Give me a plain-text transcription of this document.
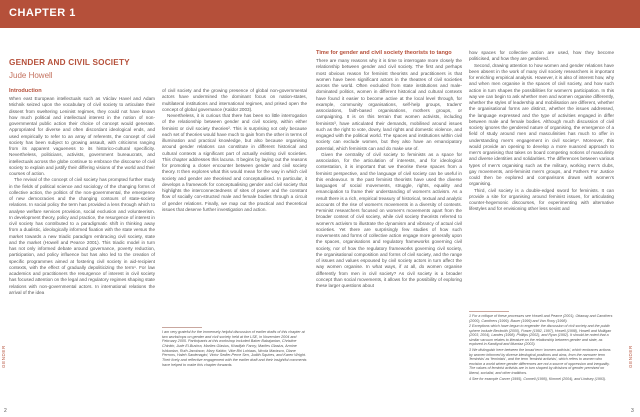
CHAPTER 1
GENDER AND CIVIL SOCIETY
Jude Howell
Introduction

When east European intellectuals such as Václav Havel and Adam Michnik seized upon the vocabulary of civil society to articulate their dissent from sweltering Leninist regimes, they could not have known how much political and intellectual interest in the notion of non-governmental public action their choice of concept would generate. Appropriated for diverse and often discordant ideological ends, and used empirically to refer to an array of referents, the concept of civil society has been subject to growing assault, with criticisms ranging from its apparent vagueness to its historico-cultural specificity. Nevertheless, politicians, activists, government bureaucrats, and intellectuals across the globe continue to embrace the discourse of civil society to explain and justify their differing visions of the world and their courses of action.

The revival of the concept of civil society has prompted further study in the fields of political science and sociology of the changing forms of collective action, the politics of the non-governmental, the emergence of new democracies and the changing contours of state-society relations. In social policy the term has provided a lens through which to analyse welfare services provision, social exclusion and volunteerism. In development theory, policy and practice, the resurgence of interest in civil society has contributed to a paradigmatic shift in thinking away from a dualistic, ideologically informed fixation with the state versus the market towards a new triadic paradigm embracing civil society, state and the market (Howell and Pearce 2001). This triadic model in turn has not only informed debate around governance, poverty reduction, participation, and policy influence but has also led to the creation of specific programmes aimed at fostering civil society in aid-recipient contexts, with the effect of gradually depoliticizing the term¹. For law academics and practitioners the resurgence of interest in civil society has focused attention on the legal and regulatory regimes shaping state relations with non-governmental actors. In international relations the arrival of the idea

of civil society and the growing presence of global non-governmental actors have undermined the dominant focus on nation-states, multilateral institutions and international regimes, and prised open the concept of global governance (Kaldor 2003).

Nevertheless, it is curious that there has been so little interrogation of the relationship between gender and civil society, within either feminist or civil society theories². This is surprising not only because each set of theories would have much to gain from the other in terms of illumination and practical knowledge, but also because organising around gender relations can constitute in different historical and cultural contexts a significant part of actually existing civil societies. This chapter addresses this lacuna. It begins by laying out the reasons for promoting a closer encounter between gender and civil society theory. It then explores what this would mean for the way in which civil society and gender are theorised and conceptualised. In particular, it develops a framework for conceptualising gender and civil society that highlights the interconnectedness of sites of power and the constant flow of socially con-structed male and female bodies through a circuit of gender relations. Finally, we map out the practical and theoretical issues that deserve further investigation and action.

I am very grateful for the immensely helpful discussion of earlier drafts of this chapter at two workshops on gender and civil society held at the LSE, in November 2004 and February 2005. Participants at this workshop included Baker Babajanian, Christine Chinkin, Jude El-Bushra, Marlies Glasius, Khadijah Fancy, Marlies Glasius, Armine Ishkanian, Ruth Jacobson, Mary Kaldor, Vibe Bhi Lohiaas, Nicola Mariasco, Diane Perrons, Haleh Sardenagini, Victor Sedler-Perce Sen, Judith Squires, and Karen Wright. Their lively and reflective engagement with the earlier draft and their insightful comments have helped to make this chapter forwards.
Time for gender and civil society theorists to tango

There are many reasons why it is time to interrogate more closely the relationship between gender and civil society. The first and perhaps most obvious reason for feminist theorists and practitioners is that women have been significant actors in the theatres of civil societies across the world. Often excluded from state institutions and male-dominated politics, women in different historical and cultural contexts have found it easier to become active at the local level through, for example, community organisations, self-help groups, traders' associations, faith-based organisations, mothers groups, or campaigning. It is on this terrain that women activists, including feminists³, have articulated their demands, mobilised around issues such as the right to vote, dowry, land rights and domestic violence, and engaged with the political world. The spaces and institutions within civil society can exclude women, but they also have an emancipatory potential, which feminists can and do make use of.

Given the centrality of civil society to feminists as a space for association, for the articulation of interests, and for ideological contestation, it is important that we theorise these spaces from a feminist perspective, and the language of civil society can be useful in this endeavour. In the past feminist theorists have used the diverse languages of social movements, struggle, rights, equality and emancipation to frame their understanding of women's activism. As a result there is a rich, empirical treasury of historical, textual and analytic accounts of the rise of women's movements in a diversity of contexts. Feminist researchers focused on women's movements apart from the broader context of civil society, while civil society theorists referred to women's activism to illustrate the dynamism and vibrancy of actual civil societies. Yet there are surprisingly few studies of how such movements and forms of collective action engage more generally upon the spaces, organisations and regulatory frameworks governing civil society, nor of how the regulatory frameworks governing civil society, the organisational composition and forms of civil society, and the range of issues and values espoused by civil society actors in turn affect the way women organise. In what ways, if at all, do women organise differently from men in civil society? As civil society is a broader concept than social movements, it allows for the possibility of exploring these larger questions about

how spaces for collective action are used, how they become politicised, and how they are gendered.

Second, drawing attention to how women and gender relations have been absent in the work of many civil society researchers is important for enriching empirical analysis. However, it is also of interest how, why and when men organise in the spaces of civil society, and how such action in turn shapes the possibilities for women's participation. In this way we can begin to ask whether men and women organise differently, whether the styles of leadership and mobilisation are different, whether the organisational forms are distinct, whether the issues addressed, the language expressed and the type of activities engaged in differ between male and female bodies. Although much discussion of civil society ignores the gendered nature of organising, the emergence of a field of study around men and masculinities has much to offer in understanding men's engagement in civil society⁴. Moreover, this would provide an opening to develop a more nuanced approach to men's organising that takes on board competing notions of masculinity and diverse identities and solidarities. The differences between various types of men's organising such as the military, working men's clubs, gay movements, anti-feminist men's groups, and Fathers For Justice could then be explored and comparisons drawn with women's organising.

Third, civil society is a double-edged sword for feminists. It can provide a site for organising around feminist issues, for articulating counter-hegemonic discourses, for experimenting with alternative lifestyles and for envisioning other less sexist and

1 For a critique of these processes see Howell and Pearce (2001), Ottaway and Carothers (2000), Carothers (1999), Bauer (1999) and Van Rooy (1998).
2 Exceptions which have begun to engender the discussion of civil society and the public sphere include Beckwith (2000), Fraser (1992, 1997), Howell (1998), Howell and Mulligan (2003, 2004), Landes (1998), Phillips (2002), and Ryan (1992). It should be noted that a similar vacuum relates to literature on the relationship between gender and state, as explored in Kandiyoti and Mumtaz (2003).
3 We distinguish here between the broad term 'women activists', which embraces actions by women informed by diverse ideological positions and aims, from the narrower term 'feminists' as 'feminists', and the term 'feminist activists', which refers to women who envision a world where gender differences are not a source of oppression and inequality. The values of feminist activists are in turn shaped by divisions of gender premised on liberal, socialist, and other traditions.
4 See for example Carver (1995), Connell (1995), Kimmel (2004), and Lindsey (1993).
GENDER	GENDER
2	3
